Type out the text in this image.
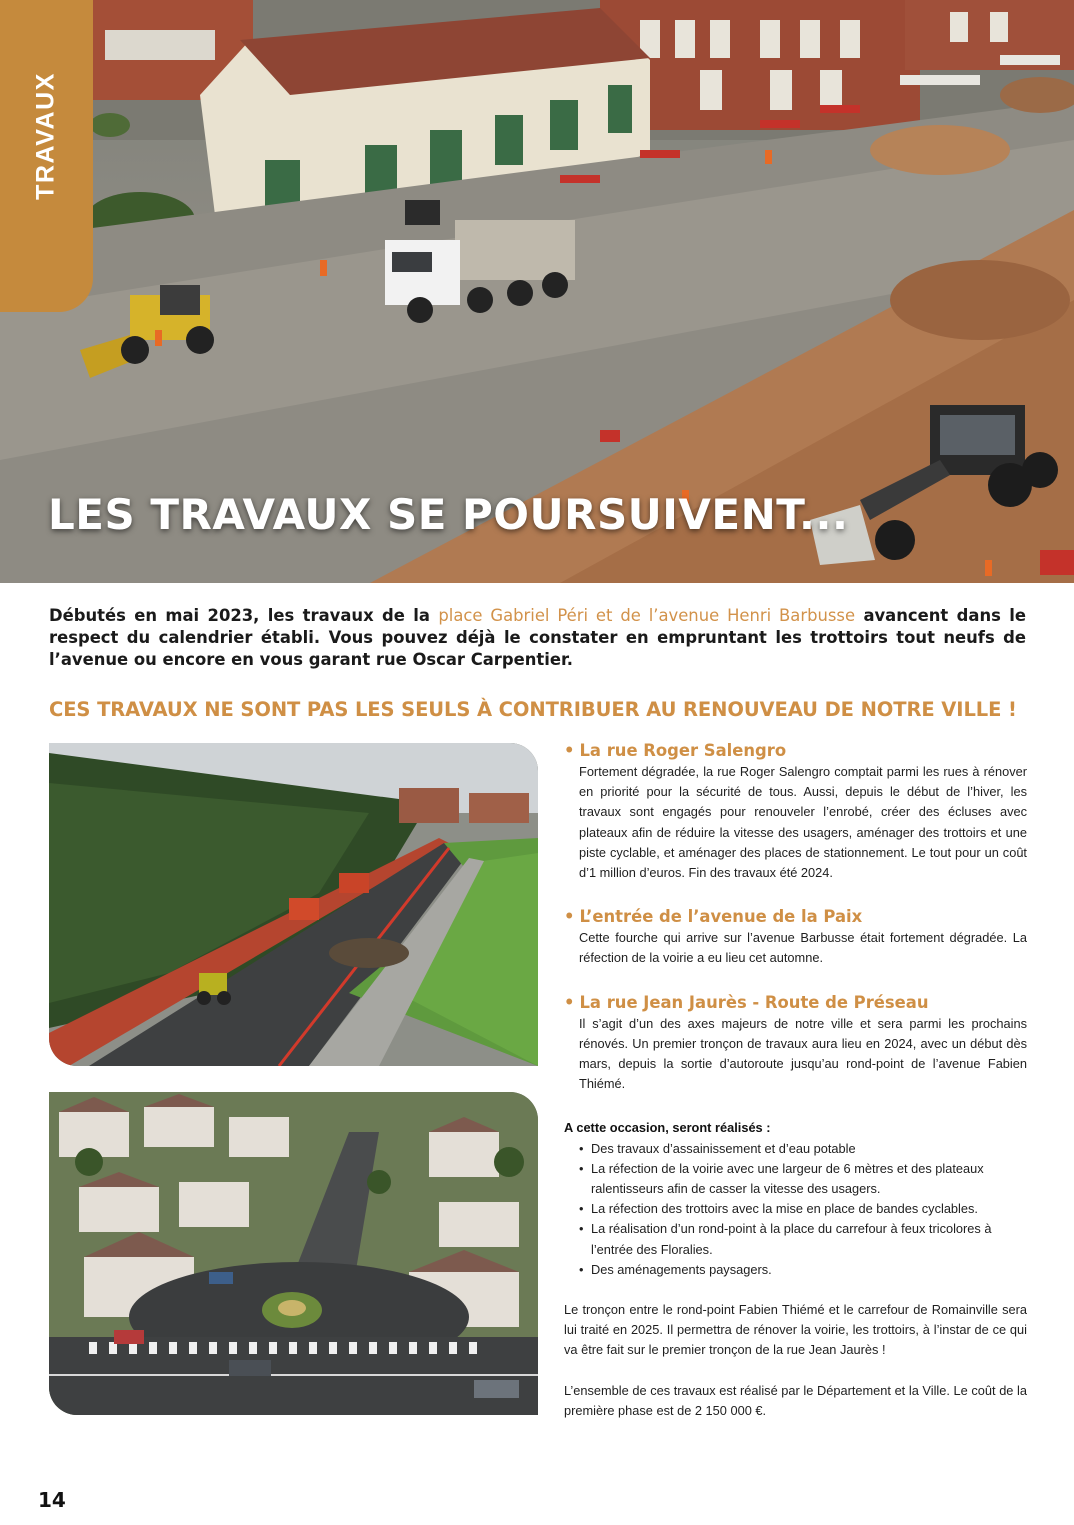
TRAVAUX
LES TRAVAUX SE POURSUIVENT...

Débutés en mai 2023, les travaux de la place Gabriel Péri et de l’avenue Henri Barbusse avancent dans le respect du calendrier établi. Vous pouvez déjà le constater en empruntant les trottoirs tout neufs de l’avenue ou encore en vous garant rue Oscar Carpentier.

CES TRAVAUX NE SONT PAS LES SEULS À CONTRIBUER AU RENOUVEAU DE NOTRE VILLE !

• La rue Roger Salengro

Fortement dégradée, la rue Roger Salengro comptait parmi les rues à rénover en priorité pour la sécurité de tous. Aussi, depuis le début de l’hiver, les travaux sont engagés pour renouveler l’enrobé, créer des écluses avec plateaux afin de réduire la vitesse des usagers, aménager des trottoirs et une piste cyclable, et aménager des places de stationnement. Le tout pour un coût d’1 million d’euros. Fin des travaux été 2024.

• L’entrée de l’avenue de la Paix

Cette fourche qui arrive sur l’avenue Barbusse était fortement dégradée. La réfection de la voirie a eu lieu cet automne.

• La rue Jean Jaurès - Route de Préseau

Il s’agit d’un des axes majeurs de notre ville et sera parmi les prochains rénovés. Un premier tronçon de travaux aura lieu en 2024, avec un début dès mars, depuis la sortie d’autoroute jusqu’au rond-point de l’avenue Fabien Thiémé.

A cette occasion, seront réalisés :

• Des travaux d’assainissement et d’eau potable
• La réfection de la voirie avec une largeur de 6 mètres et des plateaux ralentisseurs afin de casser la vitesse des usagers.
• La réfection des trottoirs avec la mise en place de bandes cyclables.
• La réalisation d’un rond-point à la place du carrefour à feux tricolores à l’entrée des Floralies.
• Des aménagements paysagers.

Le tronçon entre le rond-point Fabien Thiémé et le carrefour de Romainville sera lui traité en 2025. Il permettra de rénover la voirie, les trottoirs, à l’instar de ce qui va être fait sur le premier tronçon de la rue Jean Jaurès !

L’ensemble de ces travaux est réalisé par le Département et la Ville. Le coût de la première phase est de 2 150 000 €.

14
